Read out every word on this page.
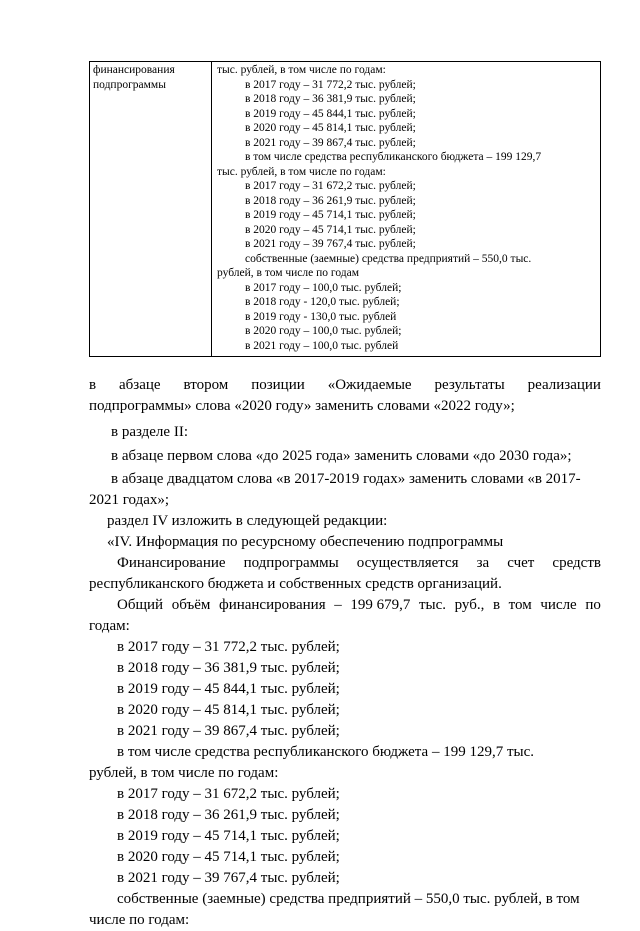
финансирования подпрограммы
тыс. рублей, в том числе по годам:
в 2017 году – 31 772,2 тыс. рублей;
в 2018 году – 36 381,9 тыс. рублей;
в 2019 году – 45 844,1 тыс. рублей;
в 2020 году – 45 814,1 тыс. рублей;
в 2021 году – 39 867,4 тыс. рублей;
в том числе средства республиканского бюджета – 199 129,7
тыс. рублей, в том числе по годам:
в 2017 году – 31 672,2 тыс. рублей;
в 2018 году – 36 261,9 тыс. рублей;
в 2019 году – 45 714,1 тыс. рублей;
в 2020 году – 45 714,1 тыс. рублей;
в 2021 году – 39 767,4 тыс. рублей;
собственные (заемные) средства предприятий – 550,0 тыс.
рублей, в том числе по годам
в 2017 году – 100,0 тыс. рублей;
в 2018 году - 120,0 тыс. рублей;
в 2019 году - 130,0 тыс. рублей
в 2020 году – 100,0 тыс. рублей;
в 2021 году – 100,0 тыс. рублей
в абзаце втором позиции «Ожидаемые результаты реализации
подпрограммы» слова «2020 году» заменить словами «2022 году»;
в разделе II:
в абзаце первом слова «до 2025 года» заменить словами «до 2030 года»;
в абзаце двадцатом слова «в 2017-2019 годах» заменить словами «в 2017-
2021 годах»;
раздел IV изложить в следующей редакции:
«IV. Информация по ресурсному обеспечению подпрограммы
Финансирование подпрограммы осуществляется за счет средств
республиканского бюджета и собственных средств организаций.
Общий объём финансирования – 199 679,7 тыс. руб., в том числе по
годам:
в 2017 году – 31 772,2 тыс. рублей;
в 2018 году – 36 381,9 тыс. рублей;
в 2019 году – 45 844,1 тыс. рублей;
в 2020 году – 45 814,1 тыс. рублей;
в 2021 году – 39 867,4 тыс. рублей;
в том числе средства республиканского бюджета – 199 129,7 тыс.
рублей, в том числе по годам:
в 2017 году – 31 672,2 тыс. рублей;
в 2018 году – 36 261,9 тыс. рублей;
в 2019 году – 45 714,1 тыс. рублей;
в 2020 году – 45 714,1 тыс. рублей;
в 2021 году – 39 767,4 тыс. рублей;
собственные (заемные) средства предприятий – 550,0 тыс. рублей, в том
числе по годам:
